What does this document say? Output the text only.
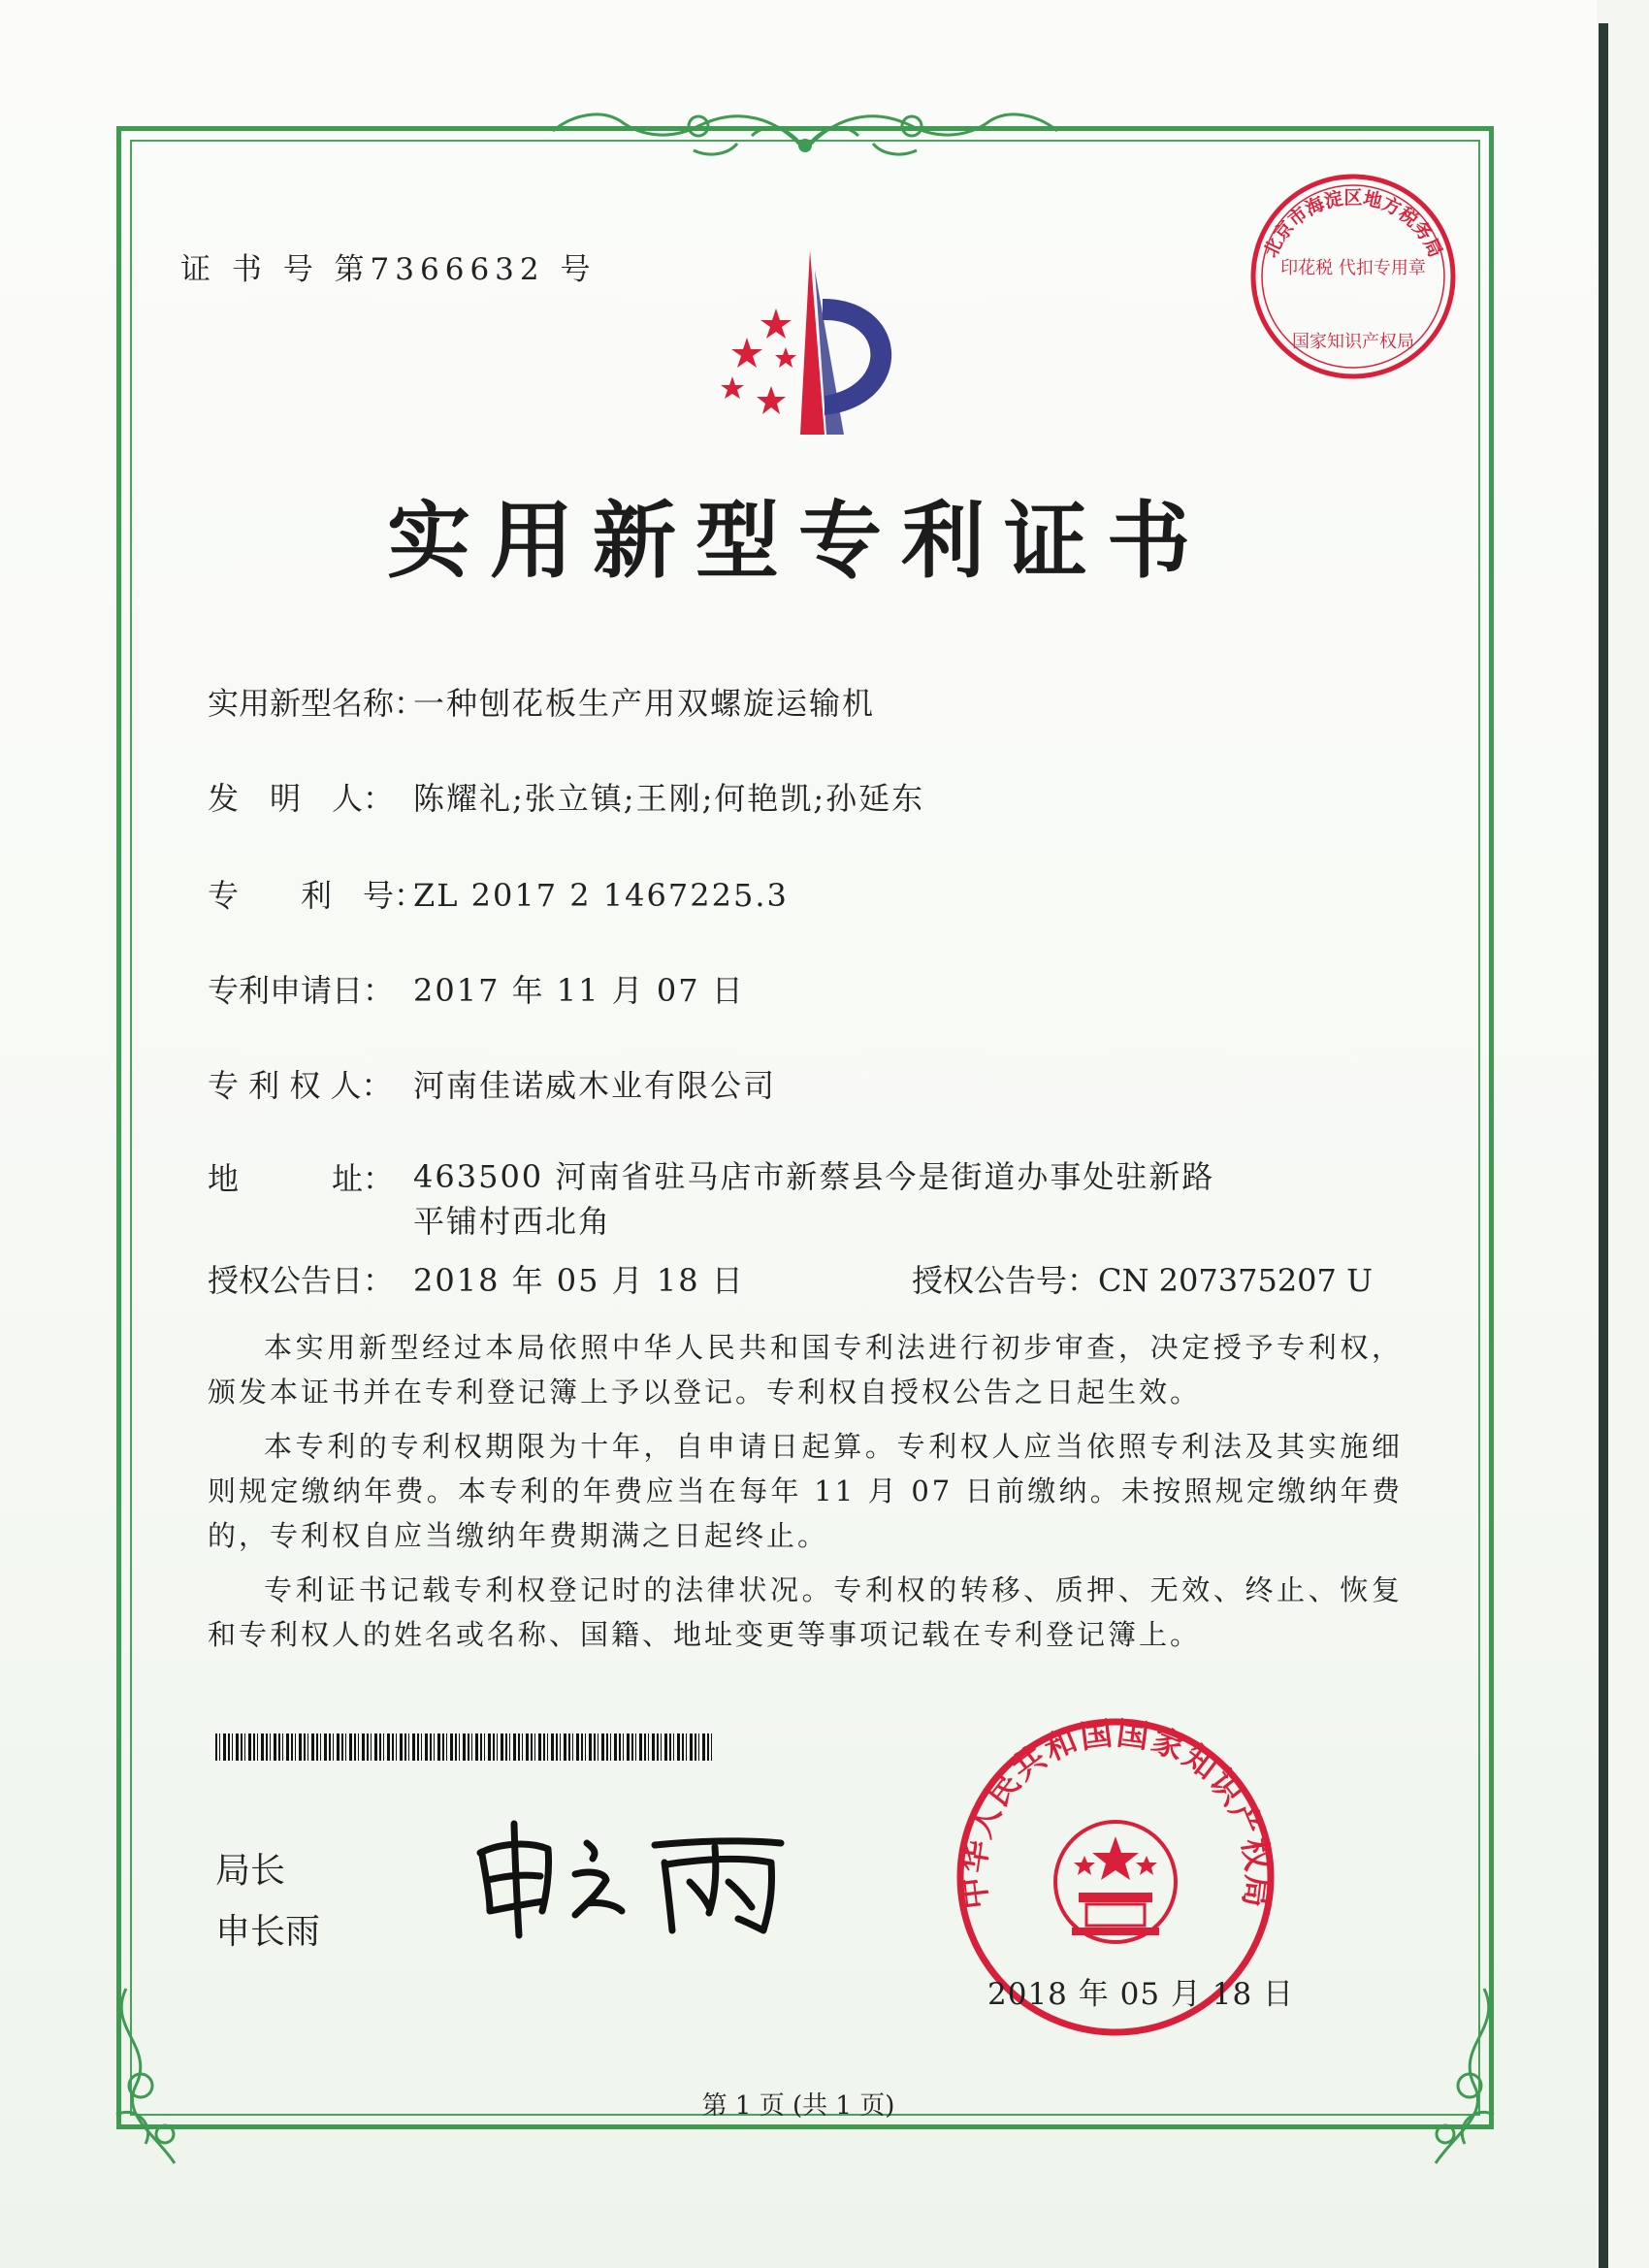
证 书 号 第7366632 号
北京市海淀区地方税务局
印花税 代扣专用章
国家知识产权局
实用新型专利证书
实用新型名称：一种刨花板生产用双螺旋运输机
发　明　人： 陈耀礼;张立镇;王刚;何艳凯;孙延东
专　　利　号：ZL 2017 2 1467225.3
专利申请日： 2017 年 11 月 07 日
专 利 权 人： 河南佳诺威木业有限公司
地　　　址： 463500 河南省驻马店市新蔡县今是街道办事处驻新路平铺村西北角
授权公告日： 2018 年 05 月 18 日	授权公告号：CN 207375207 U
本实用新型经过本局依照中华人民共和国专利法进行初步审查，决定授予专利权，颁发本证书并在专利登记簿上予以登记。专利权自授权公告之日起生效。
本专利的专利权期限为十年，自申请日起算。专利权人应当依照专利法及其实施细则规定缴纳年费。本专利的年费应当在每年 11 月 07 日前缴纳。未按照规定缴纳年费的，专利权自应当缴纳年费期满之日起终止。
专利证书记载专利权登记时的法律状况。专利权的转移、质押、无效、终止、恢复和专利权人的姓名或名称、国籍、地址变更等事项记载在专利登记簿上。
局长
申长雨
中华人民共和国国家知识产权局
2018 年 05 月 18 日
第 1 页 (共 1 页)
